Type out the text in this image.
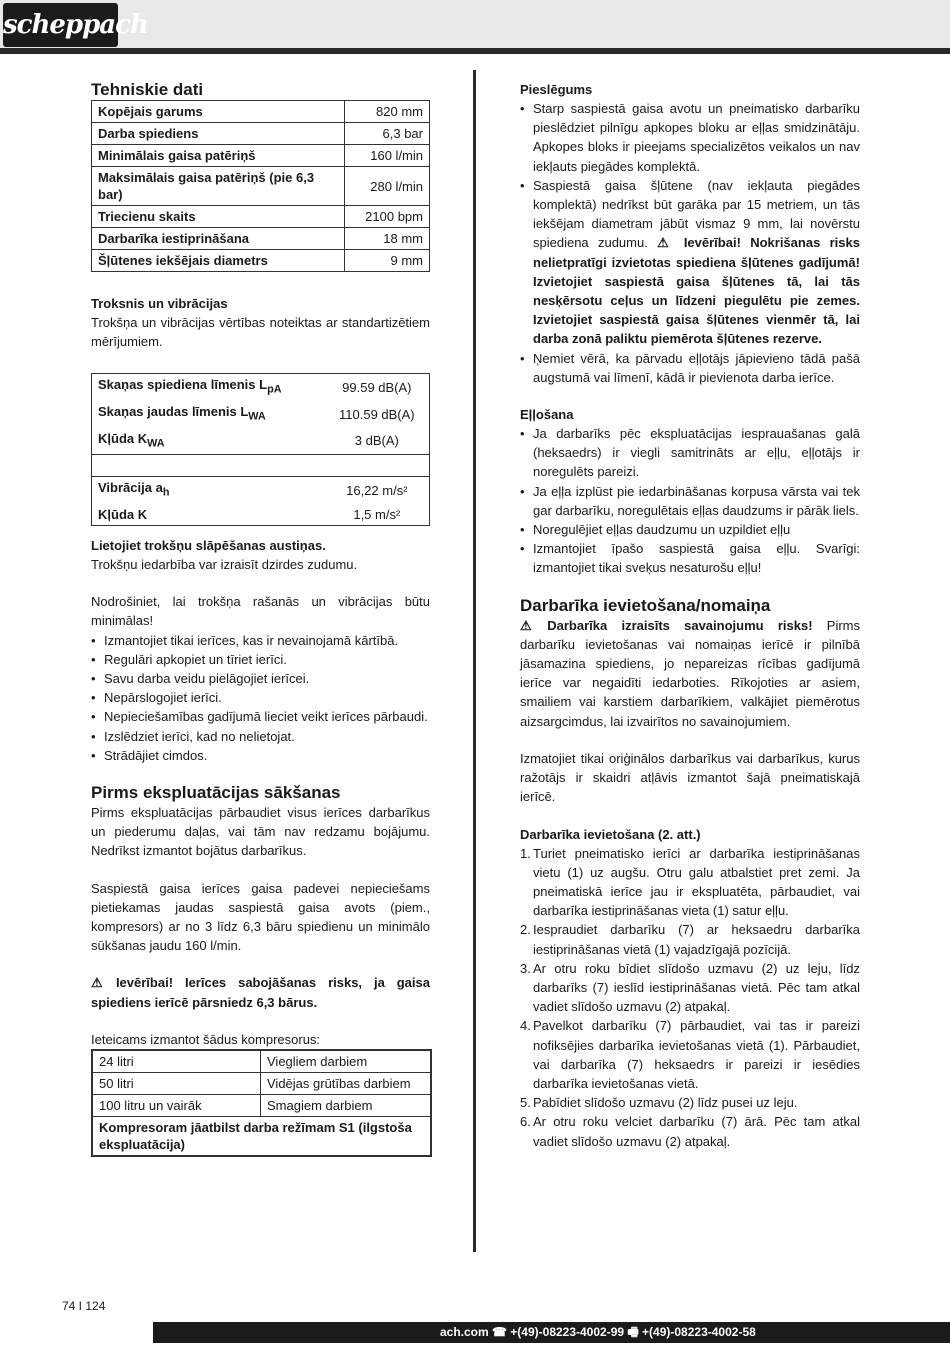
scheppach
Tehniskie dati
Kopējais garums	820 mm
Darba spiediens	6,3 bar
Minimālais gaisa patēriņš	160 l/min
Maksimālais gaisa patēriņš (pie 6,3 bar)	280 l/min
Triecienu skaits	2100 bpm
Darbarīka iestiprināšana	18 mm
Šļūtenes iekšējais diametrs	9 mm
Troksnis un vibrācijas

Trokšņa un vibrācijas vērtības noteiktas ar standartizētiem mērījumiem.

Skaņas spiediena līmenis $L_{pA}$	99.59 dB(A)
Skaņas jaudas līmenis $L_{WA}$	110.59 dB(A)
Kļūda $K_{WA}$	3 dB(A)

Vibrācija $a_h$	16,22 m/s²
Kļūda K	1,5 m/s²

Lietojiet trokšņu slāpēšanas austiņas.

Trokšņu iedarbība var izraisīt dzirdes zudumu.

Nodrošiniet, lai trokšņa rašanās un vibrācijas būtu minimālas!

• Izmantojiet tikai ierīces, kas ir nevainojamā kārtībā.
• Regulāri apkopiet un tīriet ierīci.
• Savu darba veidu pielāgojiet ierīcei.
• Nepārslogojiet ierīci.
• Nepieciešamības gadījumā lieciet veikt ierīces pārbaudi.
• Izslēdziet ierīci, kad no nelietojat.
• Strādājiet cimdos.
Pirms ekspluatācijas sākšanas

Pirms ekspluatācijas pārbaudiet visus ierīces darbarīkus un piederumu daļas, vai tām nav redzamu bojājumu. Nedrīkst izmantot bojātus darbarīkus.

Saspiestā gaisa ierīces gaisa padevei nepieciešams pietiekamas jaudas saspiestā gaisa avots (piem., kompresors) ar no 3 līdz 6,3 bāru spiedienu un minimālo sūkšanas jaudu 160 l/min.

⚠ Ievērībai! Ierīces sabojāšanas risks, ja gaisa spiediens ierīcē pārsniedz 6,3 bārus.

Ieteicams izmantot šādus kompresorus:

24 litri	Viegliem darbiem
50 litri	Vidējas grūtības darbiem
100 litru un vairāk	Smagiem darbiem
Kompresoram jāatbilst darba režīmam S1 (ilgstoša ekspluatācija)	
Pieslēgums
• Starp saspiestā gaisa avotu un pneimatisko darbarīku pieslēdziet pilnīgu apkopes bloku ar eļļas smidzinātāju. Apkopes bloks ir pieejams specializētos veikalos un nav iekļauts piegādes komplektā.
• Saspiestā gaisa šļūtene (nav iekļauta piegādes komplektā) nedrīkst būt garāka par 15 metriem, un tās iekšējam diametram jābūt vismaz 9 mm, lai novērstu spiediena zudumu. ⚠ Ievērībai! Nokrišanas risks nelietpratīgi izvietotas spiediena šļūtenes gadījumā! Izvietojiet saspiestā gaisa šļūtenes tā, lai tās nesķērsotu ceļus un līdzeni piegulētu pie zemes. Izvietojiet saspiestā gaisa šļūtenes vienmēr tā, lai darba zonā paliktu piemērota šļūtenes rezerve.
• Ņemiet vērā, ka pārvadu eļļotājs jāpievieno tādā pašā augstumā vai līmenī, kādā ir pievienota darba ierīce.
Eļļošana
• Ja darbarīks pēc ekspluatācijas iesprauašanas galā (heksaedrs) ir viegli samitrināts ar eļļu, eļļotājs ir noregulēts pareizi.
• Ja eļļa izplūst pie iedarbināšanas korpusa vārsta vai tek gar darbarīku, noregulētais eļļas daudzums ir pārāk liels.
• Noregulējiet eļļas daudzumu un uzpildiet eļļu
• Izmantojiet īpašo saspiestā gaisa eļļu. Svarīgi: izmantojiet tikai sveķus nesaturošu eļļu!
Darbarīka ievietošana/nomaiņa

⚠ Darbarīka izraisīts savainojumu risks! Pirms darbarīku ievietošanas vai nomaiņas ierīcē ir pilnībā jāsamazina spiediens, jo nepareizas rīcības gadījumā ierīce var negaidīti iedarboties. Rīkojoties ar asiem, smailiem vai karstiem darbarīkiem, valkājiet piemērotus aizsargcimdus, lai izvairītos no savainojumiem.

Izmatojiet tikai oriģinālos darbarīkus vai darbarīkus, kurus ražotājs ir skaidri atļāvis izmantot šajā pneimatiskajā ierīcē.

Darbarīka ievietošana (2. att.)
1. Turiet pneimatisko ierīci ar darbarīka iestiprināšanas vietu (1) uz augšu. Otru galu atbalstiet pret zemi. Ja pneimatiskā ierīce jau ir ekspluatēta, pārbaudiet, vai darbarīka iestiprināšanas vieta (1) satur eļļu.
2. Iespraudiet darbarīku (7) ar heksaedru darbarīka iestiprināšanas vietā (1) vajadzīgajā pozīcijā.
3. Ar otru roku bīdiet slīdošo uzmavu (2) uz leju, līdz darbarīks (7) ieslīd iestiprināšanas vietā. Pēc tam atkal vadiet slīdošo uzmavu (2) atpakaļ.
4. Pavelkot darbarīku (7) pārbaudiet, vai tas ir pareizi nofiksējies darbarīka ievietošanas vietā (1). Pārbaudiet, vai darbarīka (7) heksaedrs ir pareizi ir iesēdies darbarīka ievietošanas vietā.
5. Pabīdiet slīdošo uzmavu (2) līdz pusei uz leju.
6. Ar otru roku velciet darbarīku (7) ārā. Pēc tam atkal vadiet slīdošo uzmavu (2) atpakaļ.
74 I 124
ach.com ☎ +(49)-08223-4002-99 🖷 +(49)-08223-4002-58
